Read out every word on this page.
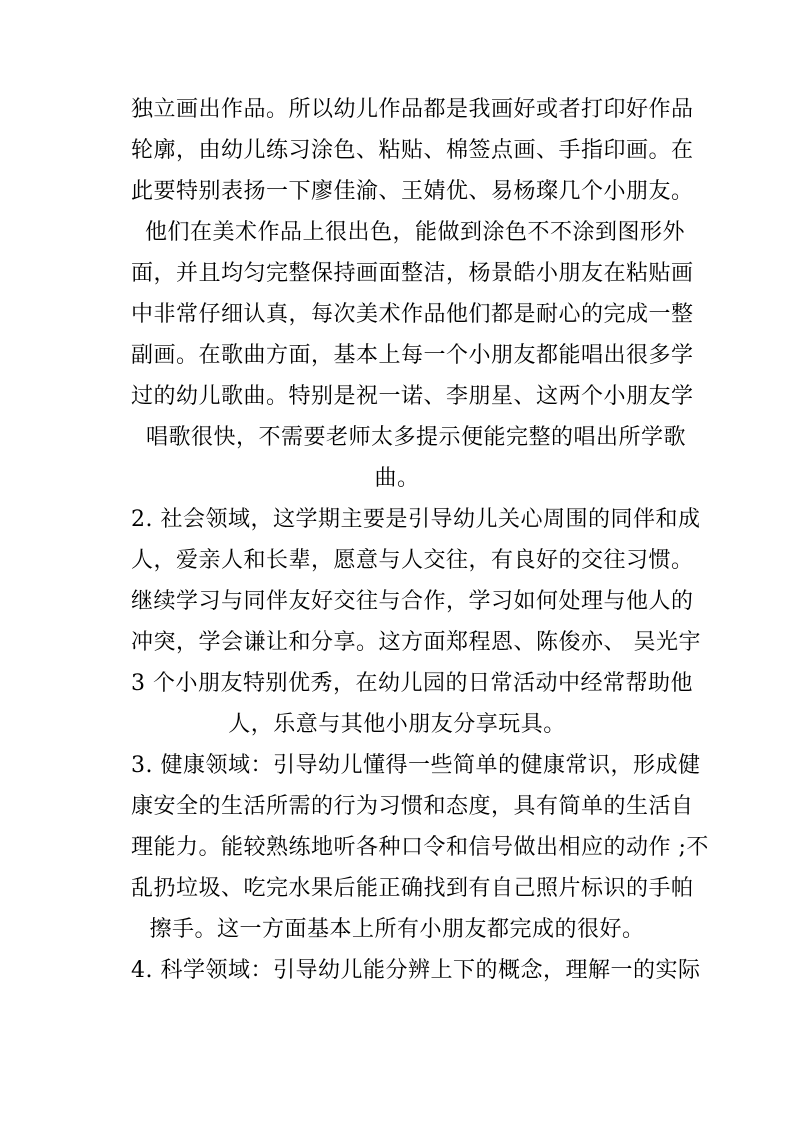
独立画出作品。所以幼儿作品都是我画好或者打印好作品
轮廓，由幼儿练习涂色、粘贴、棉签点画、手指印画。在
此要特别表扬一下廖佳渝、王婧优、易杨璨几个小朋友。
他们在美术作品上很出色，能做到涂色不不涂到图形外
面，并且均匀完整保持画面整洁，杨景皓小朋友在粘贴画
中非常仔细认真，每次美术作品他们都是耐心的完成一整
副画。在歌曲方面，基本上每一个小朋友都能唱出很多学
过的幼儿歌曲。特别是祝一诺、李朋星、这两个小朋友学
唱歌很快，不需要老师太多提示便能完整的唱出所学歌
曲。
2. 社会领域，这学期主要是引导幼儿关心周围的同伴和成
人，爱亲人和长辈，愿意与人交往，有良好的交往习惯。
继续学习与同伴友好交往与合作，学习如何处理与他人的
冲突，学会谦让和分享。这方面郑程恩、陈俊亦、 吴光宇
3 个小朋友特别优秀，在幼儿园的日常活动中经常帮助他
人，乐意与其他小朋友分享玩具。
3. 健康领域：引导幼儿懂得一些简单的健康常识，形成健
康安全的生活所需的行为习惯和态度，具有简单的生活自
理能力。能较熟练地听各种口令和信号做出相应的动作 ;不
乱扔垃圾、吃完水果后能正确找到有自己照片标识的手帕
擦手。这一方面基本上所有小朋友都完成的很好。
4. 科学领域：引导幼儿能分辨上下的概念，理解一的实际
